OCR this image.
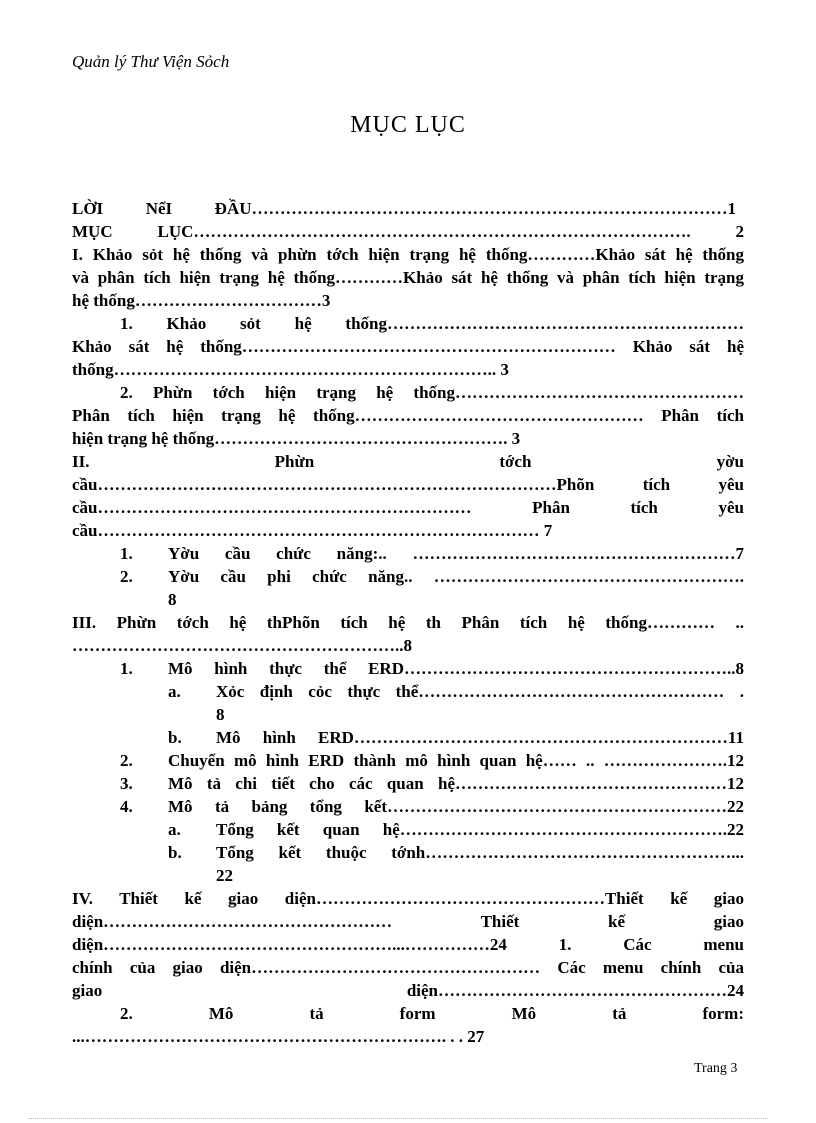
Quản lý Thư Viện Sỏch
MỤC LỤC
LỜI NểI ĐẦU…………………………………………………………………………1
MỤC LỤC……………………………………………………………………………. 2
I. Khảo sỏt hệ thống và phừn tớch hiện trạng hệ thống…………Khảo sát hệ thống
và phân tích hiện trạng hệ thống…………Khảo sát hệ thống và phân tích hiện trạng
hệ thống……………………………3
1. Khảo sỏt hệ thống………………………………………………………
Khảo sát hệ thống………………………………………………………… Khảo sát hệ
thống………………………………………………………….. 3
2. Phừn tớch hiện trạng hệ thống……………………………………………
Phân tích hiện trạng hệ thống…………………………………………… Phân tích
hiện trạng hệ thống……………………………………………. 3
II. Phừn tớch yờu
cầu………………………………………………………………………Phõn tích yêu
cầu………………………………………………………… Phân tích yêu
cầu…………………………………………………………………… 7
1. Yờu cầu chức năng:.. …………………………………………………7
2. Yờu cầu phi chức năng.. ……………………………………………….
8
III. Phừn tớch hệ thPhõn tích hệ th Phân tích hệ thống………… ..
…………………………………………………..8
1. Mô hình thực thể ERD…………………………………………………..8
a. Xỏc định cỏc thực thể……………………………………………… .
8
b. Mô hình ERD…………………………………………………………11
2. Chuyển mô hình ERD thành mô hình quan hệ…… .. ………………….12
3. Mô tả chi tiết cho các quan hệ…………………………………………12
4. Mô tả bảng tổng kết……………………………………………………22
a. Tổng kết quan hệ………………………………………………….22
b. Tổng kết thuộc tớnh………………………………………………...
22
IV. Thiết kế giao diện……………………………………………Thiết kế giao
diện…………………………………………… Thiết kế giao
diện……………………………………………...……………24 1. Các menu
chính của giao diện…………………………………………… Các menu chính của
giao diện……………………………………………24
2. Mô tả form Mô tả form:
...………………………………………………………. . . 27
Trang 3
